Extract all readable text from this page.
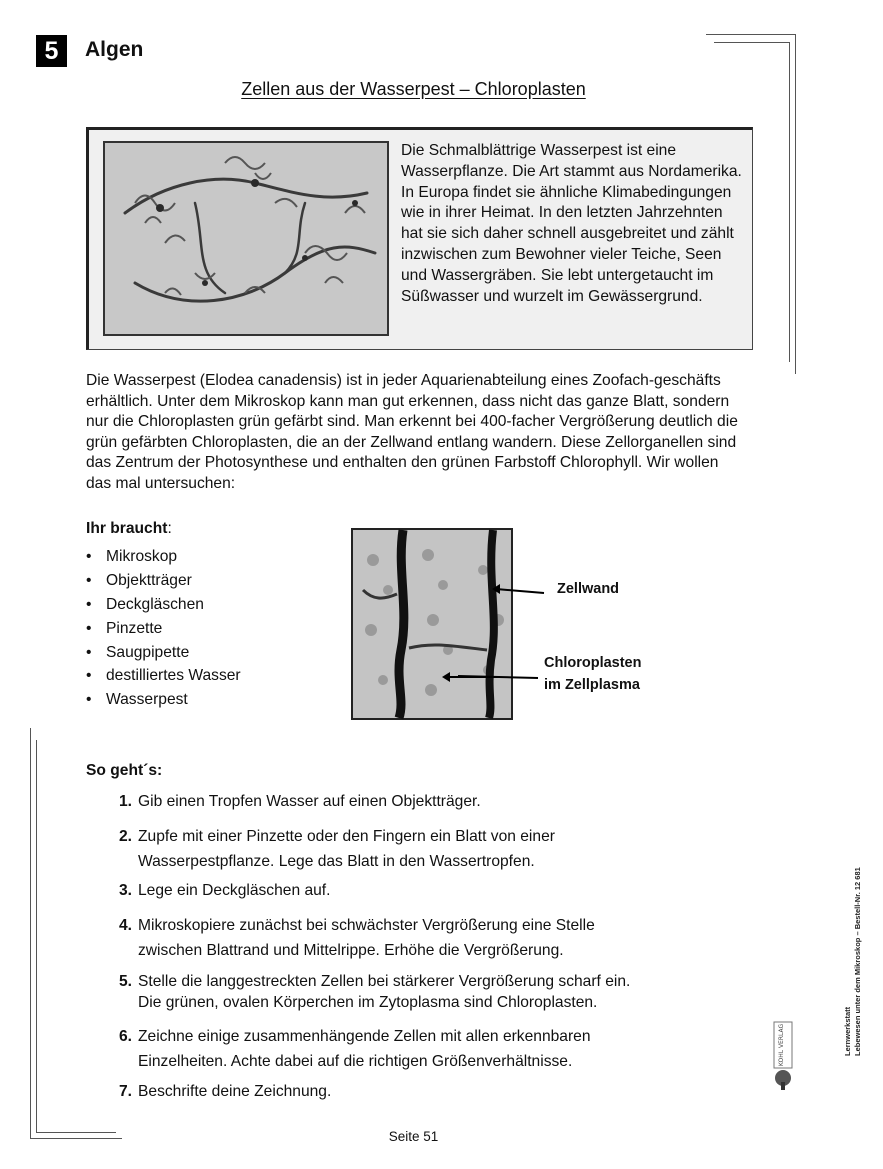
5	Algen
Zellen aus der Wasserpest – Chloroplasten
Die Schmalblättrige Wasserpest ist eine Wasserpflanze. Die Art stammt aus Nordamerika. In Europa findet sie ähnliche Klimabedingungen wie in ihrer Heimat. In den letzten Jahrzehnten hat sie sich daher schnell ausgebreitet und zählt inzwischen zum Bewohner vieler Teiche, Seen und Wassergräben. Sie lebt untergetaucht im Süßwasser und wurzelt im Gewässergrund.
Die Wasserpest (Elodea canadensis) ist in jeder Aquarienabteilung eines Zoofach-geschäfts erhältlich. Unter dem Mikroskop kann man gut erkennen, dass nicht das ganze Blatt, sondern nur die Chloroplasten grün gefärbt sind. Man erkennt bei 400-facher Vergrößerung deutlich die grün gefärbten Chloroplasten, die an der Zellwand entlang wandern. Diese Zellorganellen sind das Zentrum der Photosynthese und enthalten den grünen Farbstoff Chlorophyll. Wir wollen das mal untersuchen:
Ihr braucht:
• Mikroskop
• Objektträger
• Deckgläschen
• Pinzette
• Saugpipette
• destilliertes Wasser
• Wasserpest
Zellwand
Chloroplasten
im Zellplasma
So geht´s:
1. Gib einen Tropfen Wasser auf einen Objektträger.
2. Zupfe mit einer Pinzette oder den Fingern ein Blatt von einer
Wasserpestpflanze. Lege das Blatt in den Wassertropfen.
3. Lege ein Deckgläschen auf.
4. Mikroskopiere zunächst bei schwächster Vergrößerung eine Stelle
zwischen Blattrand und Mittelrippe. Erhöhe die Vergrößerung.
5. Stelle die langgestreckten Zellen bei stärkerer Vergrößerung scharf ein.
Die grünen, ovalen Körperchen im Zytoplasma sind Chloroplasten.
6. Zeichne einige zusammenhängende Zellen mit allen erkennbaren
Einzelheiten. Achte dabei auf die richtigen Größenverhältnisse.
7. Beschrifte deine Zeichnung.
Lernwerkstatt Lebewesen unter dem Mikroskop – Bestell-Nr. 12 681
KOHL VERLAG
Seite 51
